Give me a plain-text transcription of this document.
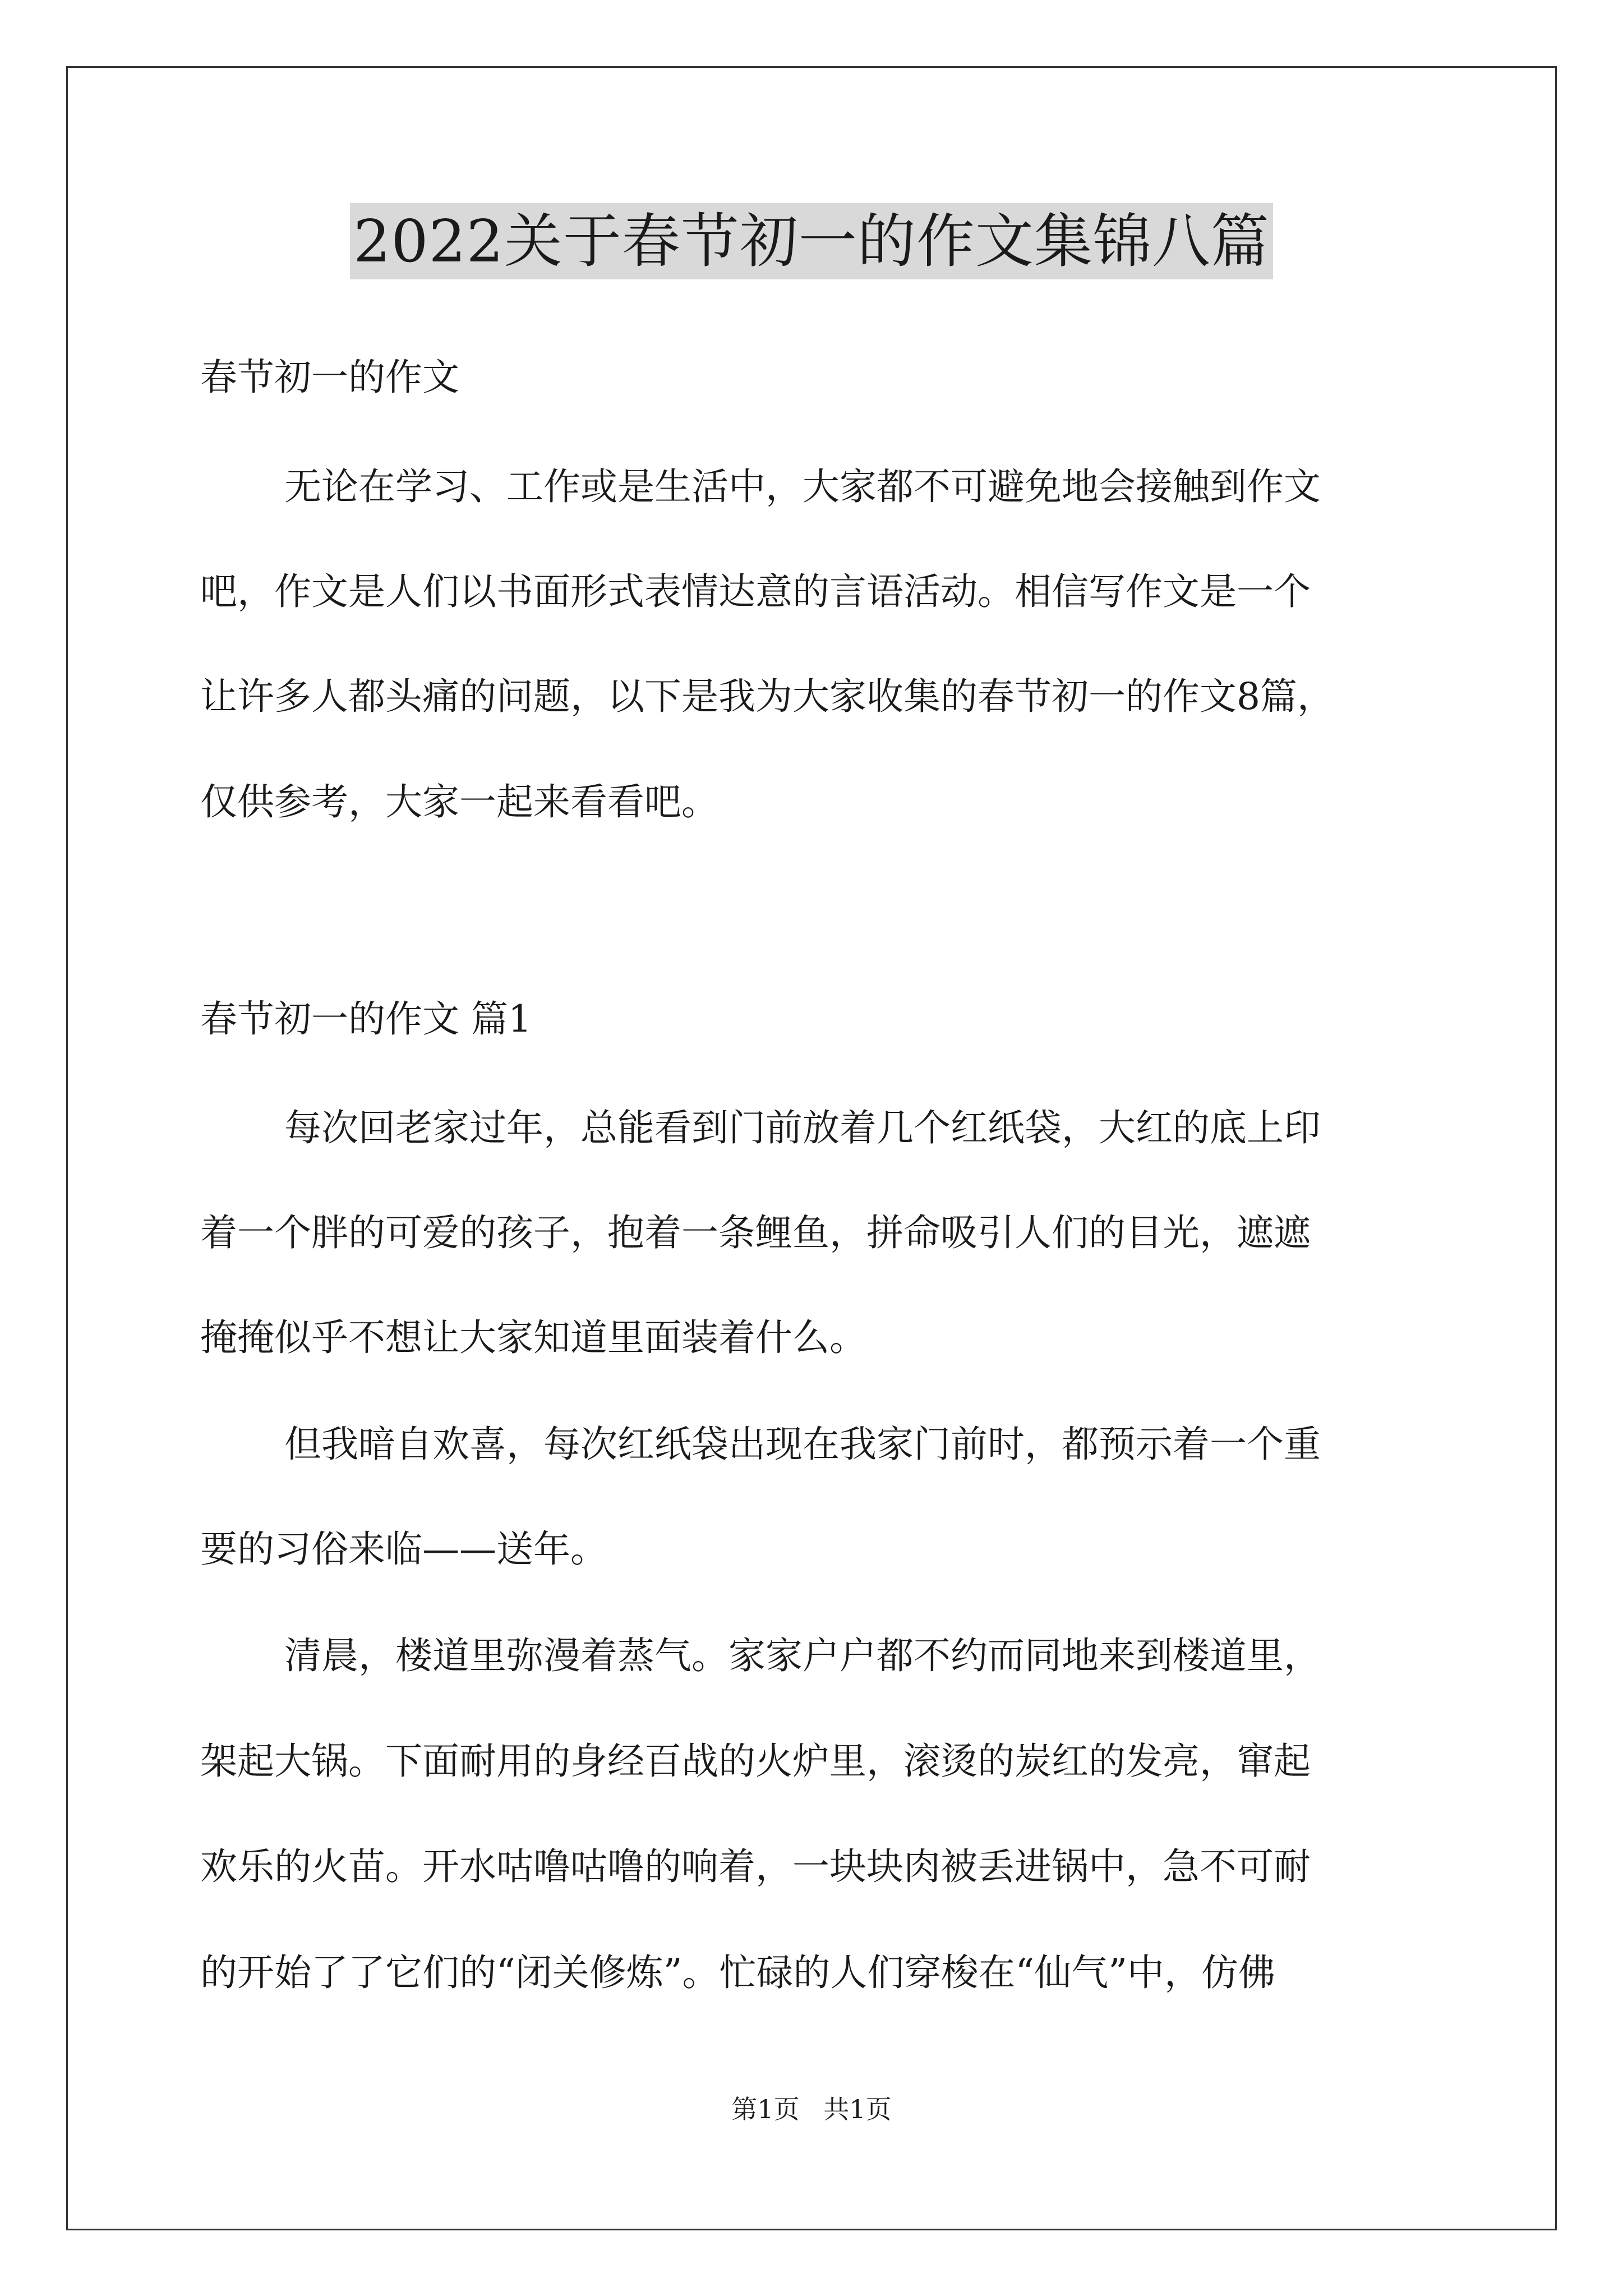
2022关于春节初一的作文集锦八篇
春节初一的作文
无论在学习、工作或是生活中，大家都不可避免地会接触到作文
吧，作文是人们以书面形式表情达意的言语活动。相信写作文是一个
让许多人都头痛的问题，以下是我为大家收集的春节初一的作文8篇，
仅供参考，大家一起来看看吧。
春节初一的作文 篇1
每次回老家过年，总能看到门前放着几个红纸袋，大红的底上印
着一个胖的可爱的孩子，抱着一条鲤鱼，拼命吸引人们的目光，遮遮
掩掩似乎不想让大家知道里面装着什么。
但我暗自欢喜，每次红纸袋出现在我家门前时，都预示着一个重
要的习俗来临——送年。
清晨，楼道里弥漫着蒸气。家家户户都不约而同地来到楼道里，
架起大锅。下面耐用的身经百战的火炉里，滚烫的炭红的发亮，窜起
欢乐的火苗。开水咕噜咕噜的响着，一块块肉被丢进锅中，急不可耐
的开始了了它们的“闭关修炼”。忙碌的人们穿梭在“仙气”中，仿佛
第1页 共1页
